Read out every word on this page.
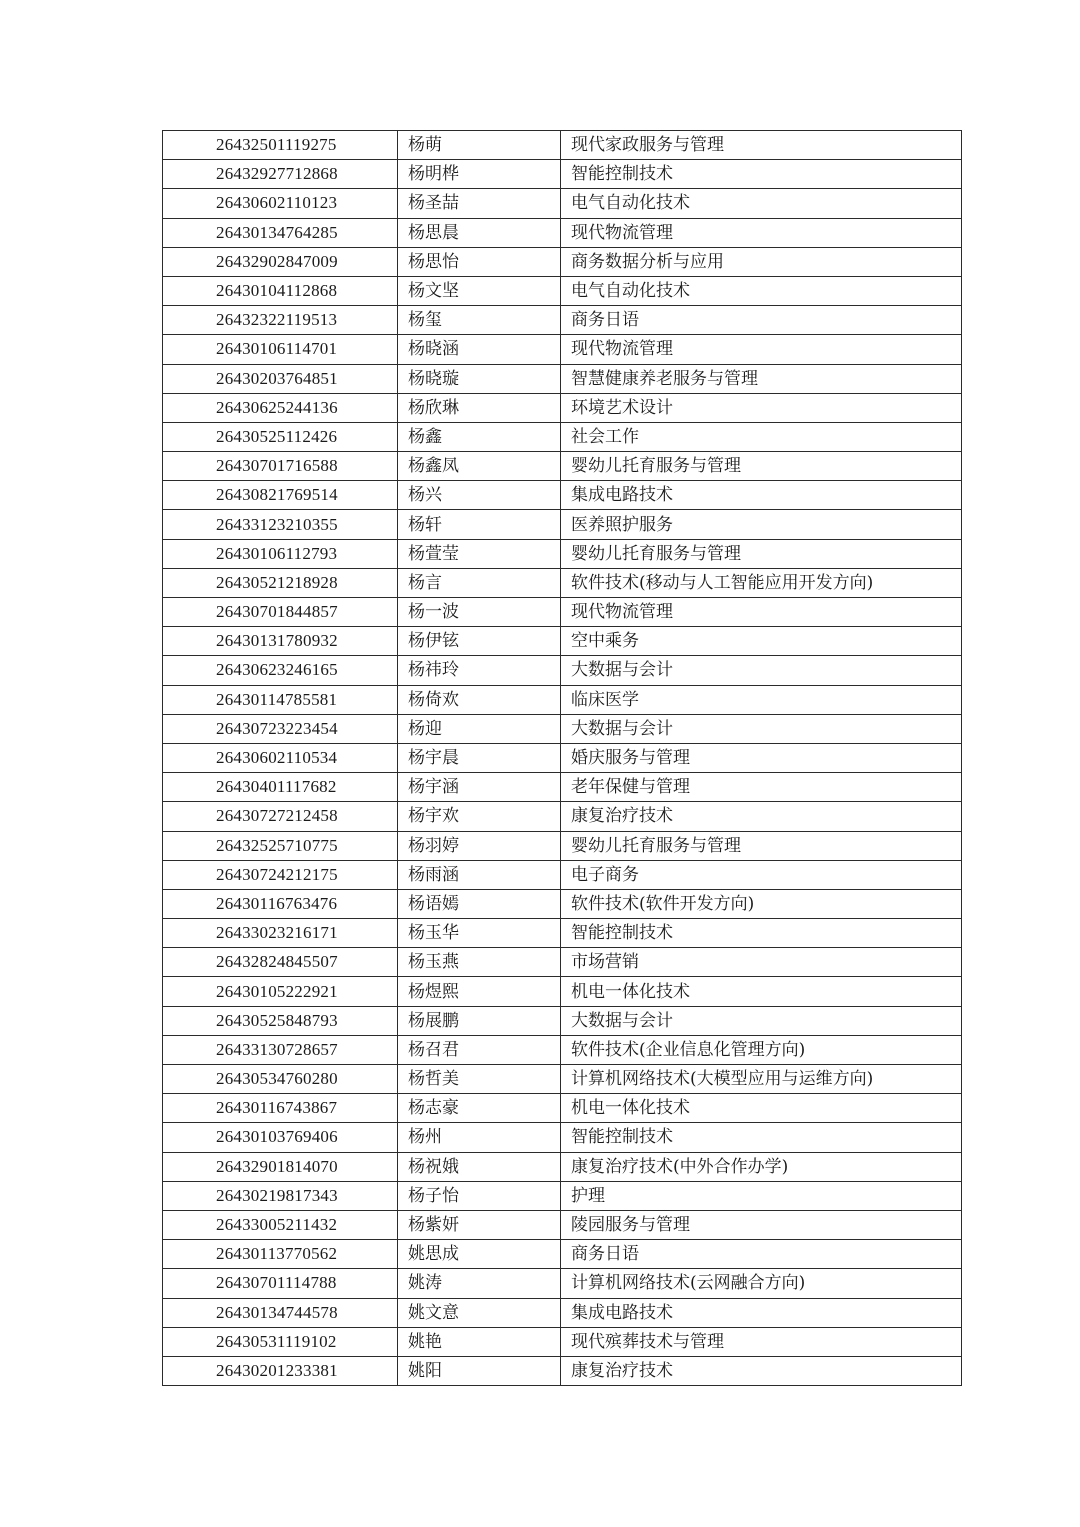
26432501119275	杨萌	现代家政服务与管理
26432927712868	杨明桦	智能控制技术
26430602110123	杨圣喆	电气自动化技术
26430134764285	杨思晨	现代物流管理
26432902847009	杨思怡	商务数据分析与应用
26430104112868	杨文坚	电气自动化技术
26432322119513	杨玺	商务日语
26430106114701	杨晓涵	现代物流管理
26430203764851	杨晓璇	智慧健康养老服务与管理
26430625244136	杨欣琳	环境艺术设计
26430525112426	杨鑫	社会工作
26430701716588	杨鑫凤	婴幼儿托育服务与管理
26430821769514	杨兴	集成电路技术
26433123210355	杨轩	医养照护服务
26430106112793	杨萱莹	婴幼儿托育服务与管理
26430521218928	杨言	软件技术(移动与人工智能应用开发方向)
26430701844857	杨一波	现代物流管理
26430131780932	杨伊铉	空中乘务
26430623246165	杨祎玲	大数据与会计
26430114785581	杨倚欢	临床医学
26430723223454	杨迎	大数据与会计
26430602110534	杨宇晨	婚庆服务与管理
26430401117682	杨宇涵	老年保健与管理
26430727212458	杨宇欢	康复治疗技术
26432525710775	杨羽婷	婴幼儿托育服务与管理
26430724212175	杨雨涵	电子商务
26430116763476	杨语嫣	软件技术(软件开发方向)
26433023216171	杨玉华	智能控制技术
26432824845507	杨玉燕	市场营销
26430105222921	杨煜熙	机电一体化技术
26430525848793	杨展鹏	大数据与会计
26433130728657	杨召君	软件技术(企业信息化管理方向)
26430534760280	杨哲美	计算机网络技术(大模型应用与运维方向)
26430116743867	杨志豪	机电一体化技术
26430103769406	杨州	智能控制技术
26432901814070	杨祝娥	康复治疗技术(中外合作办学)
26430219817343	杨子怡	护理
26433005211432	杨紫妍	陵园服务与管理
26430113770562	姚思成	商务日语
26430701114788	姚涛	计算机网络技术(云网融合方向)
26430134744578	姚文意	集成电路技术
26430531119102	姚艳	现代殡葬技术与管理
26430201233381	姚阳	康复治疗技术
